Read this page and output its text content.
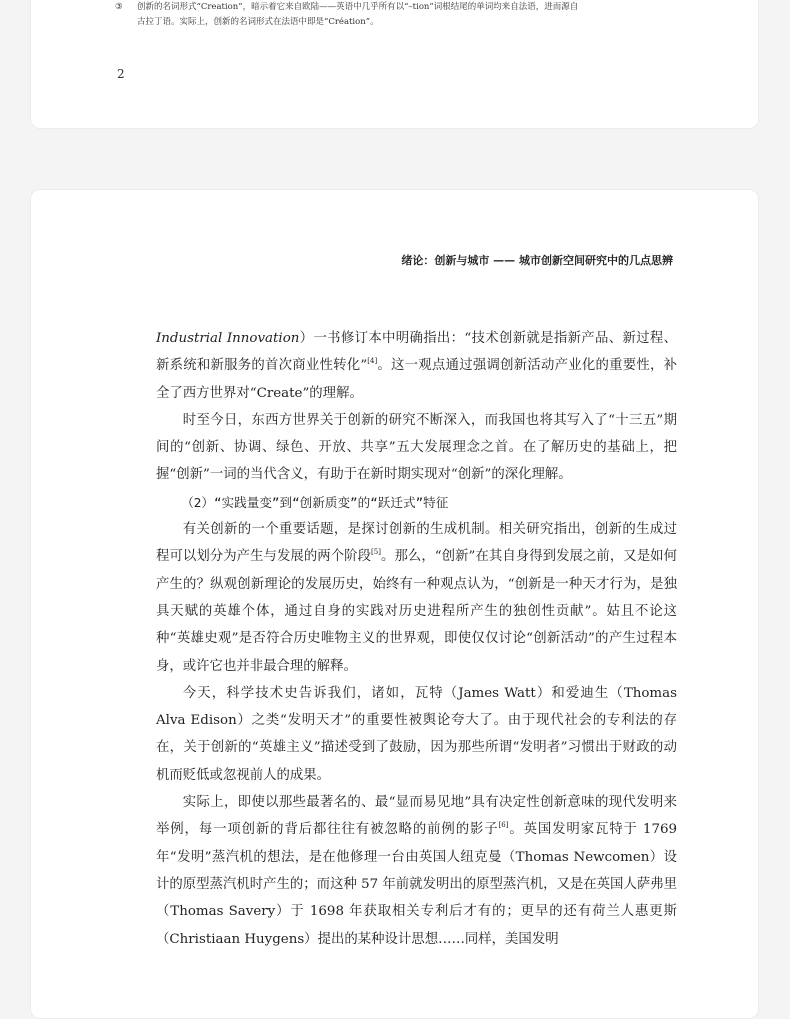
③	创新的名词形式“Creation”，暗示着它来自欧陆——英语中几乎所有以“–tion”词根结尾的单词均来自法语，进而源自
古拉丁语。实际上，创新的名词形式在法语中即是“Création”。
2
绪论：创新与城市 —— 城市创新空间研究中的几点思辨

Industrial Innovation）一书修订本中明确指出：“技术创新就是指新产品、新过程、新系统和新服务的首次商业性转化”[4]。这一观点通过强调创新活动产业化的重要性，补全了西方世界对“Create”的理解。

时至今日，东西方世界关于创新的研究不断深入，而我国也将其写入了“十三五”期间的“创新、协调、绿色、开放、共享”五大发展理念之首。在了解历史的基础上，把握“创新”一词的当代含义，有助于在新时期实现对“创新”的深化理解。

（2）“实践量变”到“创新质变”的“跃迁式”特征

有关创新的一个重要话题，是探讨创新的生成机制。相关研究指出，创新的生成过程可以划分为产生与发展的两个阶段[5]。那么，“创新”在其自身得到发展之前，又是如何产生的？纵观创新理论的发展历史，始终有一种观点认为，“创新是一种天才行为，是独具天赋的英雄个体，通过自身的实践对历史进程所产生的独创性贡献”。姑且不论这种“英雄史观”是否符合历史唯物主义的世界观，即使仅仅讨论“创新活动”的产生过程本身，或许它也并非最合理的解释。

今天，科学技术史告诉我们，诸如，瓦特（James Watt）和爱迪生（Thomas Alva Edison）之类“发明天才”的重要性被舆论夸大了。由于现代社会的专利法的存在，关于创新的“英雄主义”描述受到了鼓励，因为那些所谓“发明者”习惯出于财政的动机而贬低或忽视前人的成果。

实际上，即使以那些最著名的、最“显而易见地”具有决定性创新意味的现代发明来举例，每一项创新的背后都往往有被忽略的前例的影子[6]。英国发明家瓦特于 1769 年“发明”蒸汽机的想法，是在他修理一台由英国人纽克曼（Thomas Newcomen）设计的原型蒸汽机时产生的；而这种 57 年前就发明出的原型蒸汽机，又是在英国人萨弗里（Thomas Savery）于 1698 年获取相关专利后才有的；更早的还有荷兰人惠更斯（Christiaan Huygens）提出的某种设计思想……同样，美国发明
